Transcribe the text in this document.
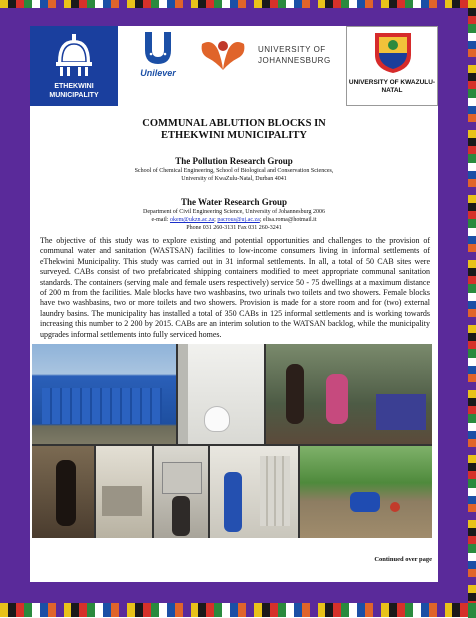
ETHEKWINI MUNICIPALITY
Unilever
UNIVERSITY OF JOHANNESBURG
UNIVERSITY OF KWAZULU-NATAL
COMMUNAL ABLUTION BLOCKS IN
ETHEKWINI MUNICIPALITY
The Pollution Research Group

School of Chemical Engineering, School of Biological and Conservation Sciences,

University of KwaZulu-Natal, Durban 4041

The Water Research Group

Department of Civil Engineering Science, University of Johannesburg 2006

e-mail: okem@ukzn.ac.za; pacrous@uj.ac.za; elisa.roma@hotmail.it

Phone 031 260-3131 Fax 031 260-3241

The objective of this study was to explore existing and potential opportunities and challenges to the provision of communal water and sanitation (WASTSAN) facilities to low-income consumers living in informal settlements of eThekwini Municipality. This study was carried out in 31 informal settlements. In all, a total of 50 CAB sites were surveyed. CABs consist of two prefabricated shipping containers modified to meet appropriate communal sanitation standards. The containers (serving male and female users respectively) service 50 - 75 dwellings at a maximum distance of 200 m from the facilities. Male blocks have two washbasins, two urinals two toilets and two showers. Female blocks have two washbasins, two or more toilets and two showers. Provision is made for a store room and for (two) external laundry basins. The municipality has installed a total of 350 CABs in 125 informal settlements and is working towards increasing this number to 2 200 by 2015. CABs are an interim solution to the WATSAN backlog, while the municipality upgrades informal settlements into fully serviced homes.

Continued over page
